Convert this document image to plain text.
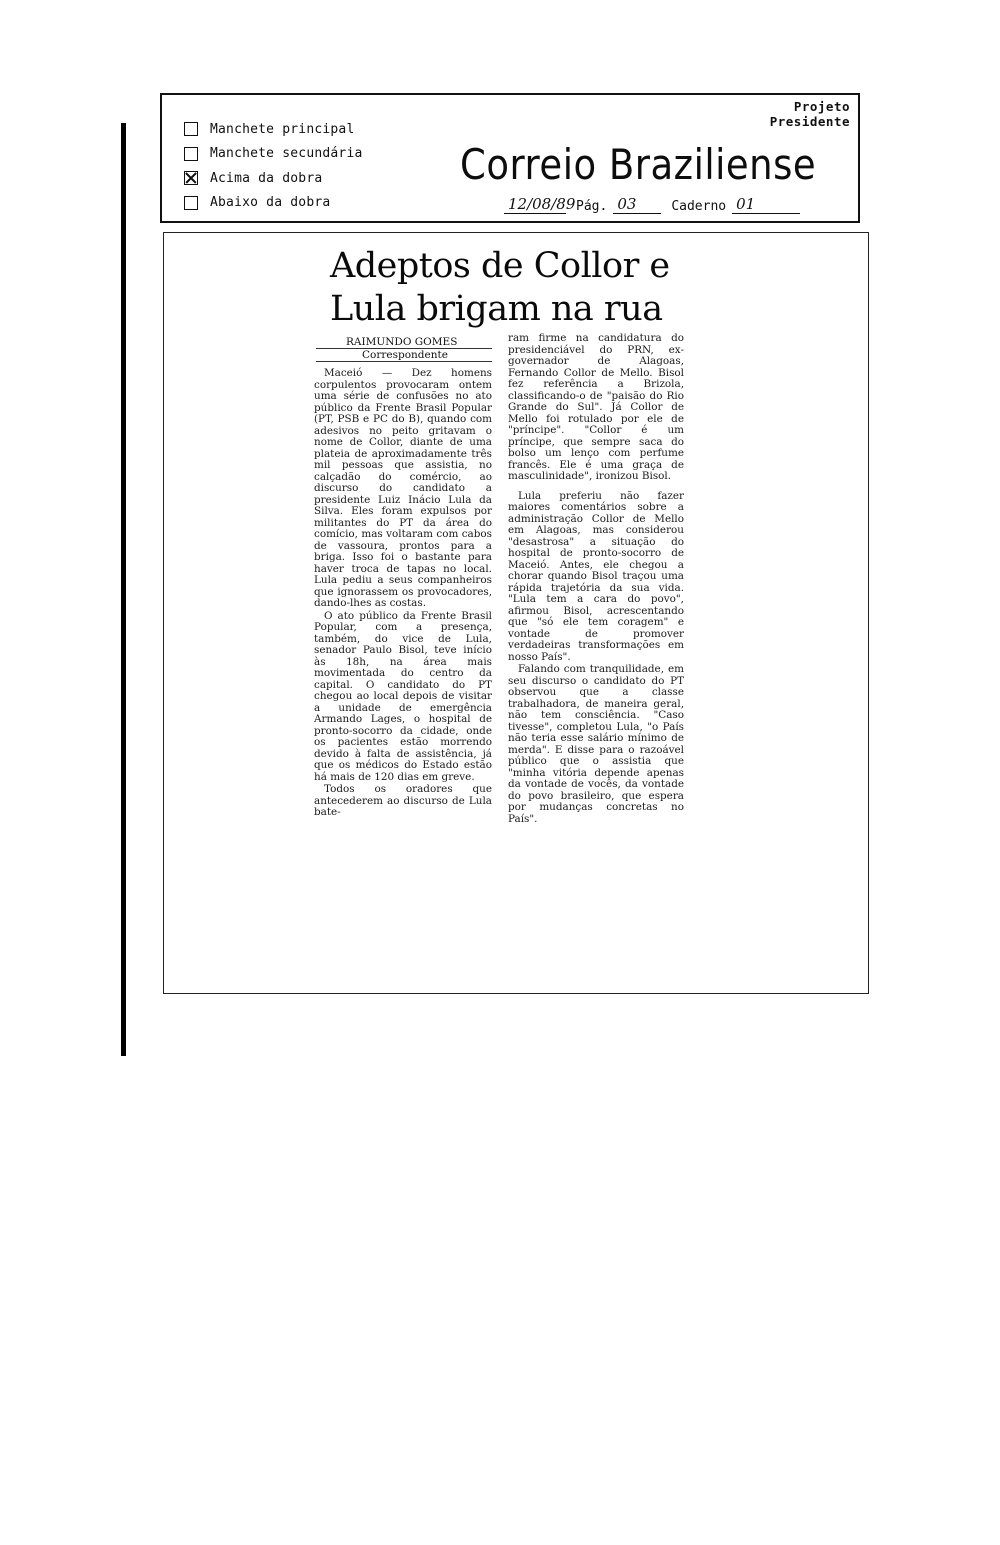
Manchete principal
Manchete secundária
Acima da dobra
Abaixo da dobra
Projeto
Presidente
Correio Braziliense
12/08/89 Pág. 03	Caderno 01
Adeptos de Collor e
Lula brigam na rua
RAIMUNDO GOMES
Correspondente

Maceió — Dez homens corpulentos provocaram ontem uma série de confusões no ato público da Frente Brasil Popular (PT, PSB e PC do B), quando com adesivos no peito gritavam o nome de Collor, diante de uma plateia de aproximadamente três mil pessoas que assistia, no calçadão do comércio, ao discurso do candidato a presidente Luiz Inácio Lula da Silva. Eles foram expulsos por militantes do PT da área do comício, mas voltaram com cabos de vassoura, prontos para a briga. Isso foi o bastante para haver troca de tapas no local. Lula pediu a seus companheiros que ignorassem os provocadores, dando-lhes as costas.

O ato público da Frente Brasil Popular, com a presença, também, do vice de Lula, senador Paulo Bisol, teve início às 18h, na área mais movimentada do centro da capital. O candidato do PT chegou ao local depois de visitar a unidade de emergência Armando Lages, o hospital de pronto-socorro da cidade, onde os pacientes estão morrendo devido à falta de assistência, já que os médicos do Estado estão há mais de 120 dias em greve.

Todos os oradores que antecederem ao discurso de Lula bate-

ram firme na candidatura do presidenciável do PRN, ex-governador de Alagoas, Fernando Collor de Mello. Bisol fez referência a Brizola, classificando-o de "paisão do Rio Grande do Sul". Já Collor de Mello foi rotulado por ele de "príncipe". "Collor é um príncipe, que sempre saca do bolso um lenço com perfume francês. Ele é uma graça de masculinidade", ironizou Bisol.

Lula preferiu não fazer maiores comentários sobre a administração Collor de Mello em Alagoas, mas considerou "desastrosa" a situação do hospital de pronto-socorro de Maceió. Antes, ele chegou a chorar quando Bisol traçou uma rápida trajetória da sua vida. "Lula tem a cara do povo", afirmou Bisol, acrescentando que "só ele tem coragem" e vontade de promover verdadeiras transformações em nosso País".

Falando com tranquilidade, em seu discurso o candidato do PT observou que a classe trabalhadora, de maneira geral, não tem consciência. "Caso tivesse", completou Lula, "o País não teria esse salário mínimo de merda". E disse para o razoável público que o assistia que "minha vitória depende apenas da vontade de vocês, da vontade do povo brasileiro, que espera por mudanças concretas no País".
